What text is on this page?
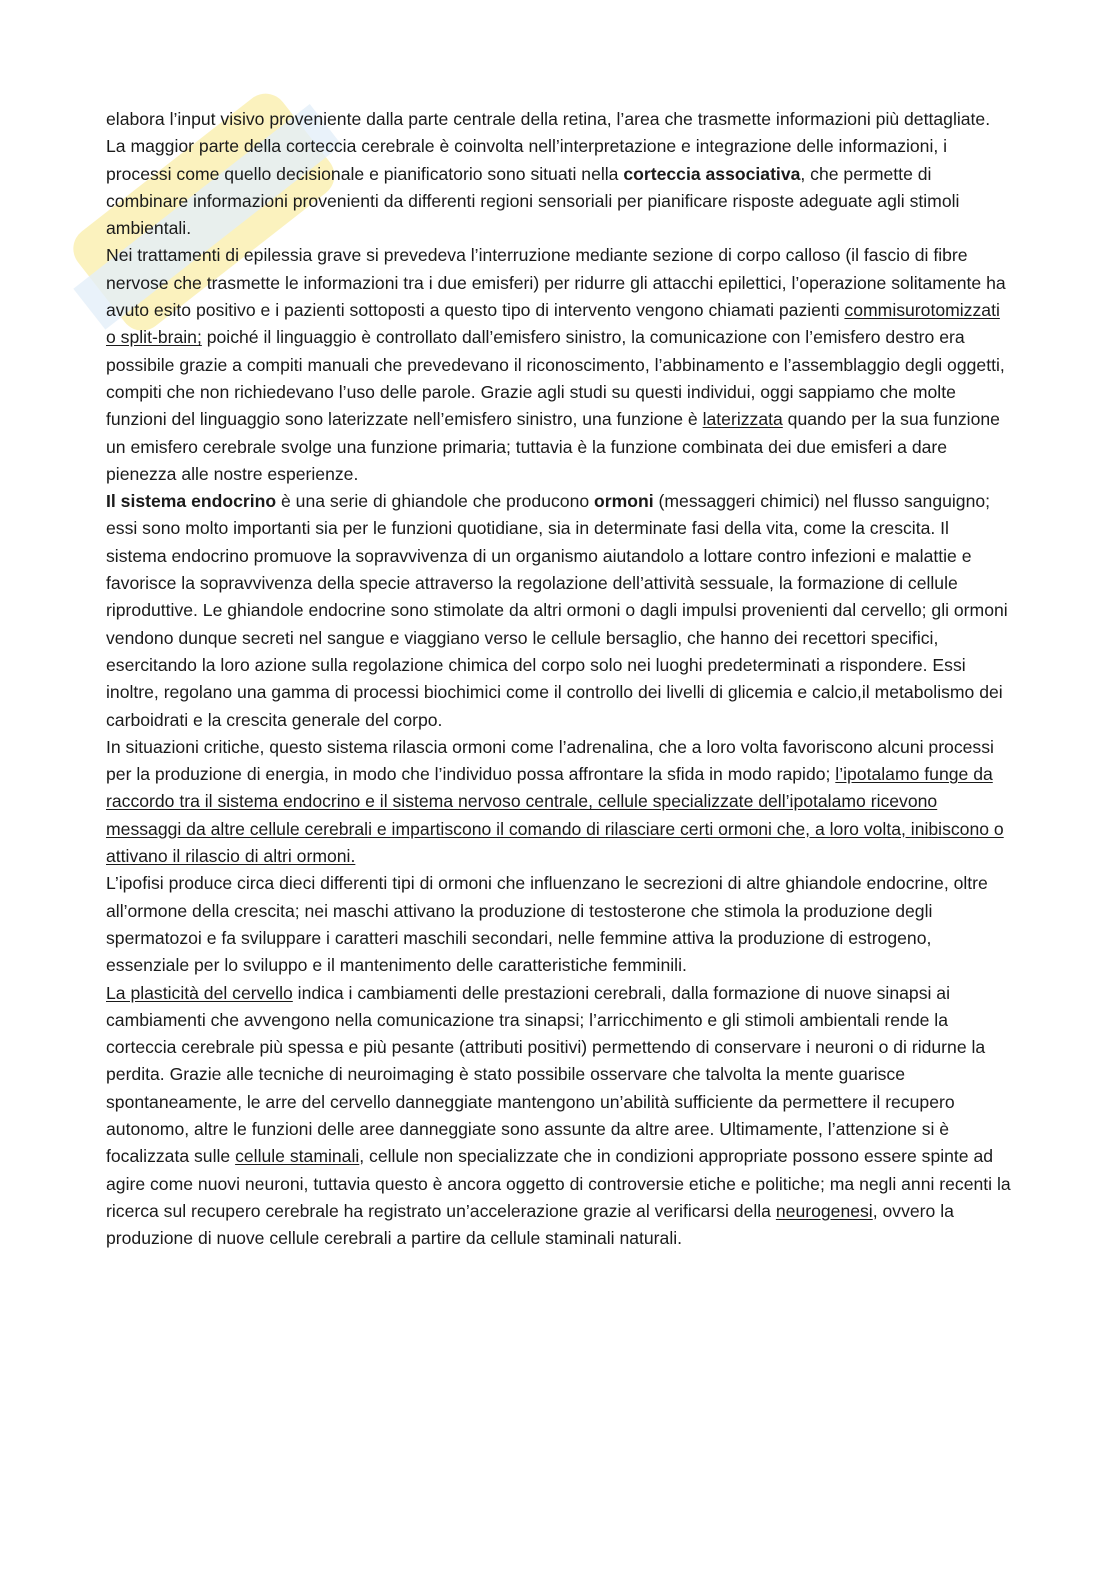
elabora l’input visivo proveniente dalla parte centrale della retina, l’area che trasmette informazioni più dettagliate.

La maggior parte della corteccia cerebrale è coinvolta nell’interpretazione e integrazione delle informazioni, i processi come quello decisionale e pianificatorio sono situati nella corteccia associativa, che permette di combinare informazioni provenienti da differenti regioni sensoriali per pianificare risposte adeguate agli stimoli ambientali.

Nei trattamenti di epilessia grave si prevedeva l’interruzione mediante sezione di corpo calloso (il fascio di fibre nervose che trasmette le informazioni tra i due emisferi) per ridurre gli attacchi epilettici, l’operazione solitamente ha avuto esito positivo e i pazienti sottoposti a questo tipo di intervento vengono chiamati pazienti commisurotomizzati o split-brain; poiché il linguaggio è controllato dall’emisfero sinistro, la comunicazione con l’emisfero destro era possibile grazie a compiti manuali che prevedevano il riconoscimento, l’abbinamento e l’assemblaggio degli oggetti, compiti che non richiedevano l’uso delle parole. Grazie agli studi su questi individui, oggi sappiamo che molte funzioni del linguaggio sono laterizzate nell’emisfero sinistro, una funzione è laterizzata quando per la sua funzione un emisfero cerebrale svolge una funzione primaria; tuttavia è la funzione combinata dei due emisferi a dare pienezza alle nostre esperienze.

Il sistema endocrino è una serie di ghiandole che producono ormoni (messaggeri chimici) nel flusso sanguigno; essi sono molto importanti sia per le funzioni quotidiane, sia in determinate fasi della vita, come la crescita. Il sistema endocrino promuove la sopravvivenza di un organismo aiutandolo a lottare contro infezioni e malattie e favorisce la sopravvivenza della specie attraverso la regolazione dell’attività sessuale, la formazione di cellule riproduttive. Le ghiandole endocrine sono stimolate da altri ormoni o dagli impulsi provenienti dal cervello; gli ormoni vendono dunque secreti nel sangue e viaggiano verso le cellule bersaglio, che hanno dei recettori specifici, esercitando la loro azione sulla regolazione chimica del corpo solo nei luoghi predeterminati a rispondere. Essi inoltre, regolano una gamma di processi biochimici come il controllo dei livelli di glicemia e calcio,il metabolismo dei carboidrati e la crescita generale del corpo.

In situazioni critiche, questo sistema rilascia ormoni come l’adrenalina, che a loro volta favoriscono alcuni processi per la produzione di energia, in modo che l’individuo possa affrontare la sfida in modo rapido; l’ipotalamo funge da raccordo tra il sistema endocrino e il sistema nervoso centrale, cellule specializzate dell’ipotalamo ricevono messaggi da altre cellule cerebrali e impartiscono il comando di rilasciare certi ormoni che, a loro volta, inibiscono o attivano il rilascio di altri ormoni.

L’ipofisi produce circa dieci differenti tipi di ormoni che influenzano le secrezioni di altre ghiandole endocrine, oltre all’ormone della crescita; nei maschi attivano la produzione di testosterone che stimola la produzione degli spermatozoi e fa sviluppare i caratteri maschili secondari, nelle femmine attiva la produzione di estrogeno, essenziale per lo sviluppo e il mantenimento delle caratteristiche femminili.

La plasticità del cervello indica i cambiamenti delle prestazioni cerebrali, dalla formazione di nuove sinapsi ai cambiamenti che avvengono nella comunicazione tra sinapsi; l’arricchimento e gli stimoli ambientali rende la corteccia cerebrale più spessa e più pesante (attributi positivi) permettendo di conservare i neuroni o di ridurne la perdita. Grazie alle tecniche di neuroimaging è stato possibile osservare che talvolta la mente guarisce spontaneamente, le arre del cervello danneggiate mantengono un’abilità sufficiente da permettere il recupero autonomo, altre le funzioni delle aree danneggiate sono assunte da altre aree. Ultimamente, l’attenzione si è focalizzata sulle cellule staminali, cellule non specializzate che in condizioni appropriate possono essere spinte ad agire come nuovi neuroni, tuttavia questo è ancora oggetto di controversie etiche e politiche; ma negli anni recenti la ricerca sul recupero cerebrale ha registrato un’accelerazione grazie al verificarsi della neurogenesi, ovvero la produzione di nuove cellule cerebrali a partire da cellule staminali naturali.
